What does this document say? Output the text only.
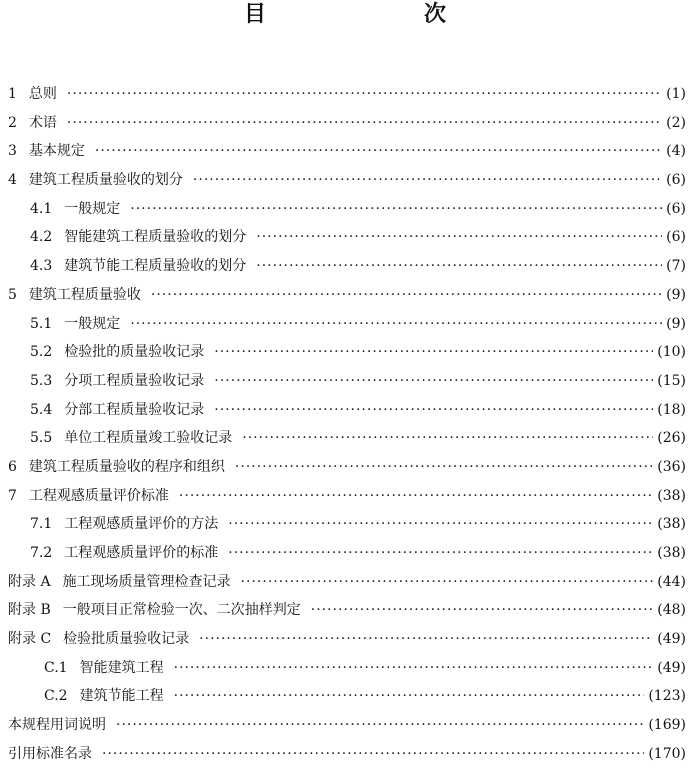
目　　次
1 总则 ·····	(1)
2 术语 ·····	(2)
3 基本规定 ·····	(4)
4 建筑工程质量验收的划分 ·····	(6)
4.1 一般规定 ·····	(6)
4.2 智能建筑工程质量验收的划分 ·····	(6)
4.3 建筑节能工程质量验收的划分 ·····	(7)
5 建筑工程质量验收 ·····	(9)
5.1 一般规定 ·····	(9)
5.2 检验批的质量验收记录 ·····	(10)
5.3 分项工程质量验收记录 ·····	(15)
5.4 分部工程质量验收记录 ·····	(18)
5.5 单位工程质量竣工验收记录 ·····	(26)
6 建筑工程质量验收的程序和组织 ·····	(36)
7 工程观感质量评价标准 ·····	(38)
7.1 工程观感质量评价的方法 ·····	(38)
7.2 工程观感质量评价的标准 ·····	(38)
附录 A 施工现场质量管理检查记录 ·····	(44)
附录 B 一般项目正常检验一次、二次抽样判定 ·····	(48)
附录 C 检验批质量验收记录 ·····	(49)
C.1 智能建筑工程 ·····	(49)
C.2 建筑节能工程 ·····	(123)
本规程用词说明 ·····	(169)
引用标准名录 ·····	(170)
